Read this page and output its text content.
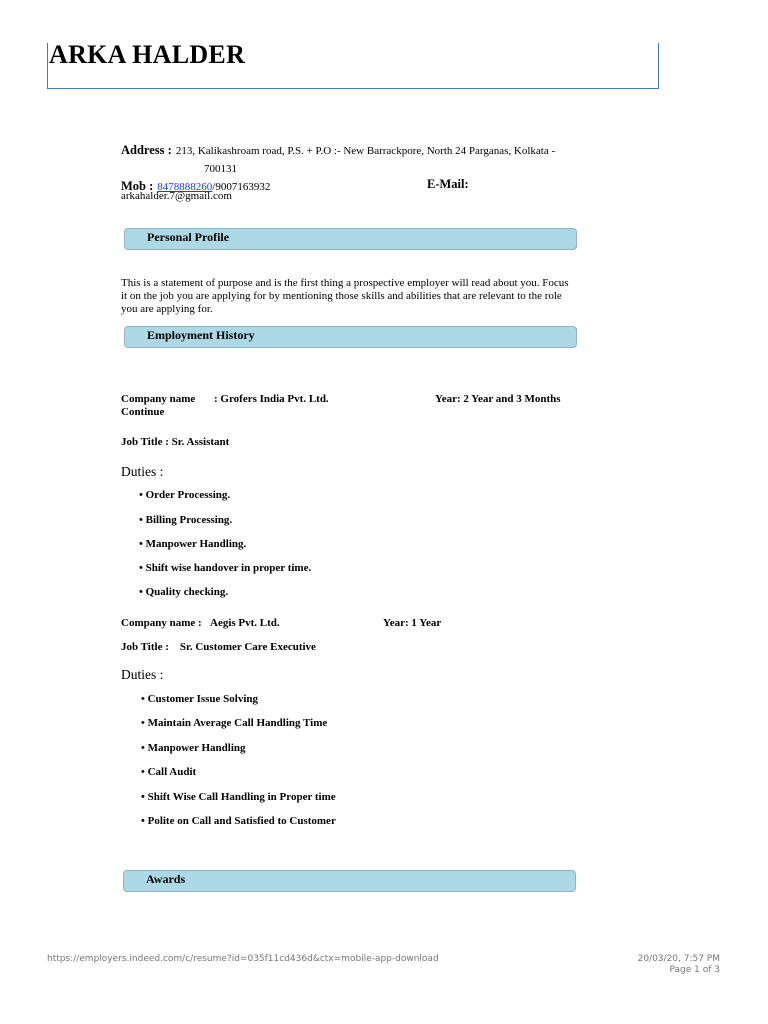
ARKA HALDER
Address : 213, Kalikashroam road, P.S. + P.O :- New Barrackpore, North 24 Parganas, Kolkata -
700131
Mob : 8478888260/9007163932	E-Mail:
arkahalder.7@gmail.com
Personal Profile
This is a statement of purpose and is the first thing a prospective employer will read about you. Focus
it on the job you are applying for by mentioning those skills and abilities that are relevant to the role
you are applying for.
Employment History
Company name : Grofers India Pvt. Ltd.	Year: 2 Year and 3 Months
Continue
Job Title : Sr. Assistant
Duties :
• Order Processing.
• Billing Processing.
• Manpower Handling.
• Shift wise handover in proper time.
• Quality checking.
Company name : Aegis Pvt. Ltd.	Year: 1 Year
Job Title :    Sr. Customer Care Executive
Duties :
• Customer Issue Solving
• Maintain Average Call Handling Time
• Manpower Handling
• Call Audit
• Shift Wise Call Handling in Proper time
• Polite on Call and Satisfied to Customer
Awards
https://employers.indeed.com/c/resume?id=035f11cd436d&ctx=mobile-app-download	20/03/20, 7:57 PM
Page 1 of 3
